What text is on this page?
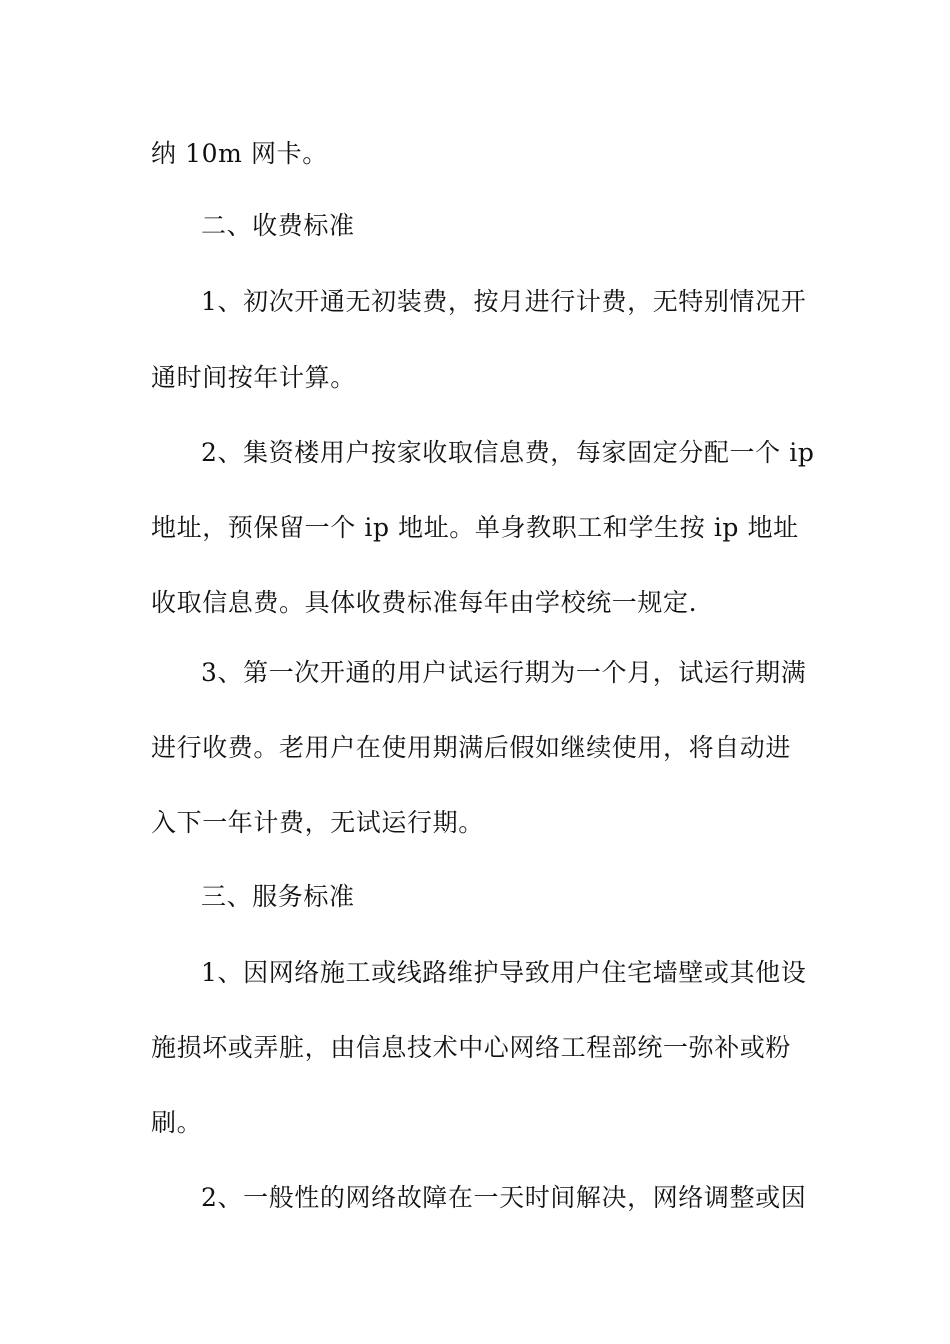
纳 10m 网卡。
二、收费标准
1、初次开通无初装费，按月进行计费，无特别情况开
通时间按年计算。
2、集资楼用户按家收取信息费，每家固定分配一个 ip
地址，预保留一个 ip 地址。单身教职工和学生按 ip 地址
收取信息费。具体收费标准每年由学校统一规定.
3、第一次开通的用户试运行期为一个月，试运行期满
进行收费。老用户在使用期满后假如继续使用，将自动进
入下一年计费，无试运行期。
三、服务标准
1、因网络施工或线路维护导致用户住宅墙壁或其他设
施损坏或弄脏，由信息技术中心网络工程部统一弥补或粉
刷。
2、一般性的网络故障在一天时间解决，网络调整或因
